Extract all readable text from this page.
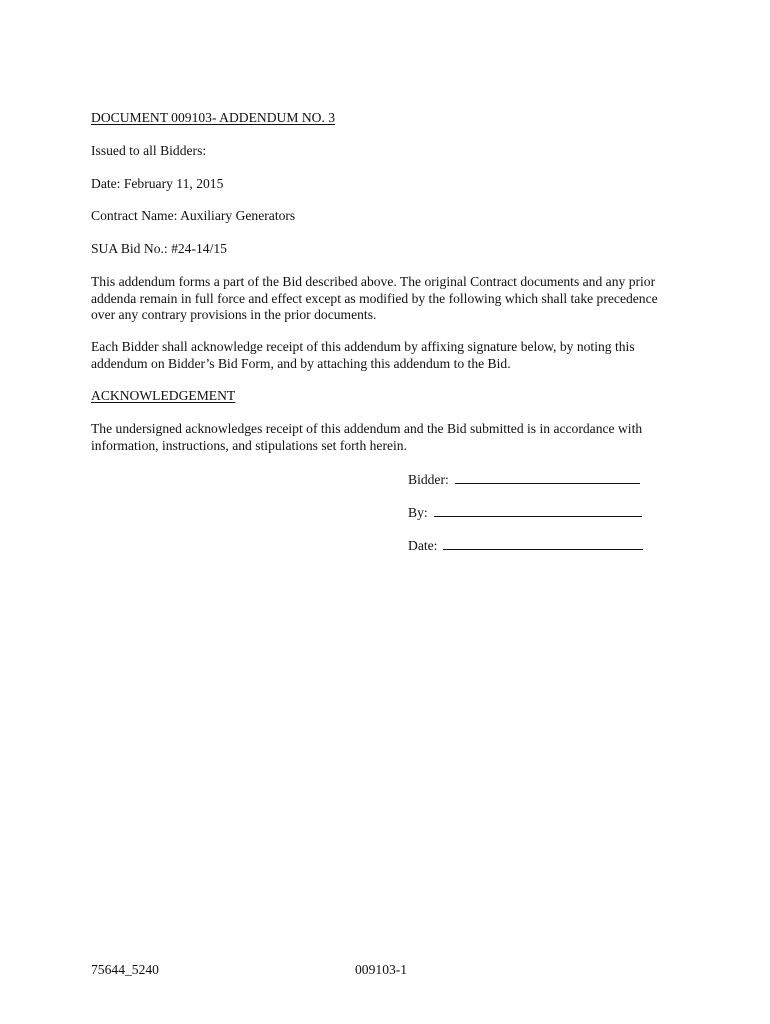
DOCUMENT 009103- ADDENDUM NO. 3

Issued to all Bidders:

Date: February 11, 2015

Contract Name: Auxiliary Generators

SUA Bid No.: #24-14/15

This addendum forms a part of the Bid described above. The original Contract documents and any prior
addenda remain in full force and effect except as modified by the following which shall take precedence
over any contrary provisions in the prior documents.
Each Bidder shall acknowledge receipt of this addendum by affixing signature below, by noting this
addendum on Bidder’s Bid Form, and by attaching this addendum to the Bid.

ACKNOWLEDGEMENT

The undersigned acknowledges receipt of this addendum and the Bid submitted is in accordance with
information, instructions, and stipulations set forth herein.
Bidder:
By:
Date:
75644_5240	009103-1
